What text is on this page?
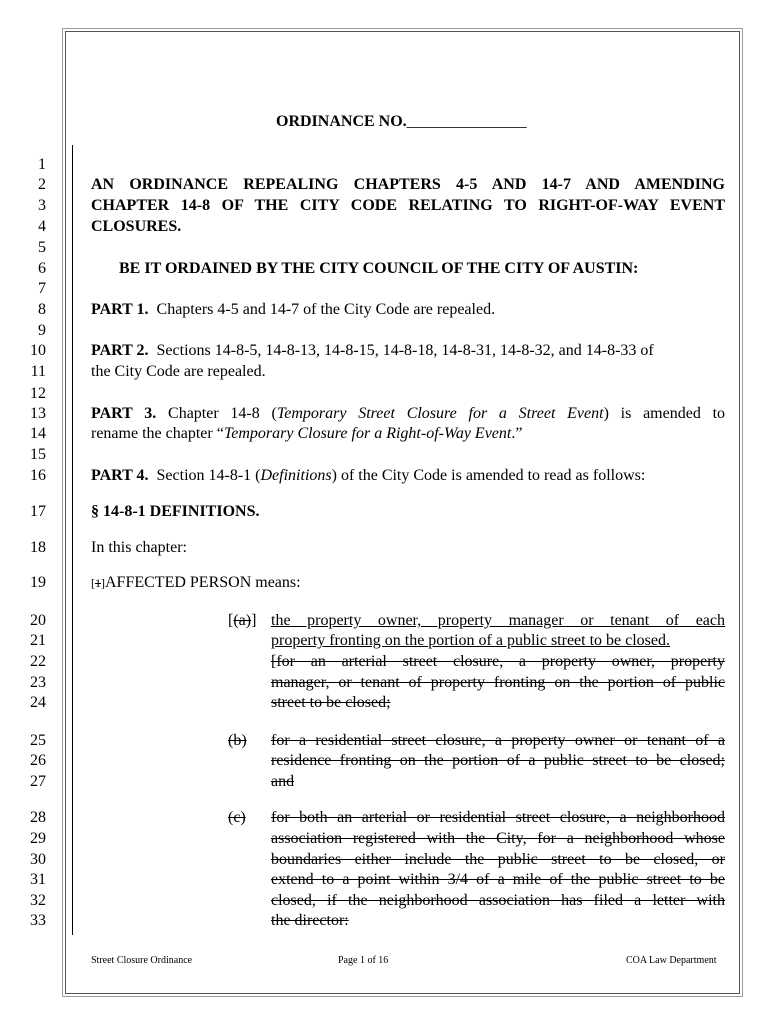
ORDINANCE NO._______________
1
2
3
4
5
6
7
8
9
10
11
12
13
14
15
16
17
18
19
20
21
22
23
24
25
26
27
28
29
30
31
32
33
AN ORDINANCE REPEALING CHAPTERS 4-5 AND 14-7 AND AMENDING
CHAPTER 14-8 OF THE CITY CODE RELATING TO RIGHT-OF-WAY EVENT
CLOSURES.
BE IT ORDAINED BY THE CITY COUNCIL OF THE CITY OF AUSTIN:
PART 1. Chapters 4-5 and 14-7 of the City Code are repealed.
PART 2. Sections 14-8-5, 14-8-13, 14-8-15, 14-8-18, 14-8-31, 14-8-32, and 14-8-33 of
the City Code are repealed.
PART 3. Chapter 14-8 (Temporary Street Closure for a Street Event) is amended to
rename the chapter “Temporary Closure for a Right-of-Way Event.”
PART 4. Section 14-8-1 (Definitions) of the City Code is amended to read as follows:
§ 14-8-1 DEFINITIONS.
In this chapter:
[1]AFFECTED PERSON means:
[(a)] the property owner, property manager or tenant of each
property fronting on the portion of a public street to be closed.
[for an arterial street closure, a property owner, property
manager, or tenant of property fronting on the portion of public
street to be closed;
(b)	for a residential street closure, a property owner or tenant of a
residence fronting on the portion of a public street to be closed;
and
(c)	for both an arterial or residential street closure, a neighborhood
association registered with the City, for a neighborhood whose
boundaries either include the public street to be closed, or
extend to a point within 3/4 of a mile of the public street to be
closed, if the neighborhood association has filed a letter with
the director:
Street Closure Ordinance	Page 1 of 16	COA Law Department
